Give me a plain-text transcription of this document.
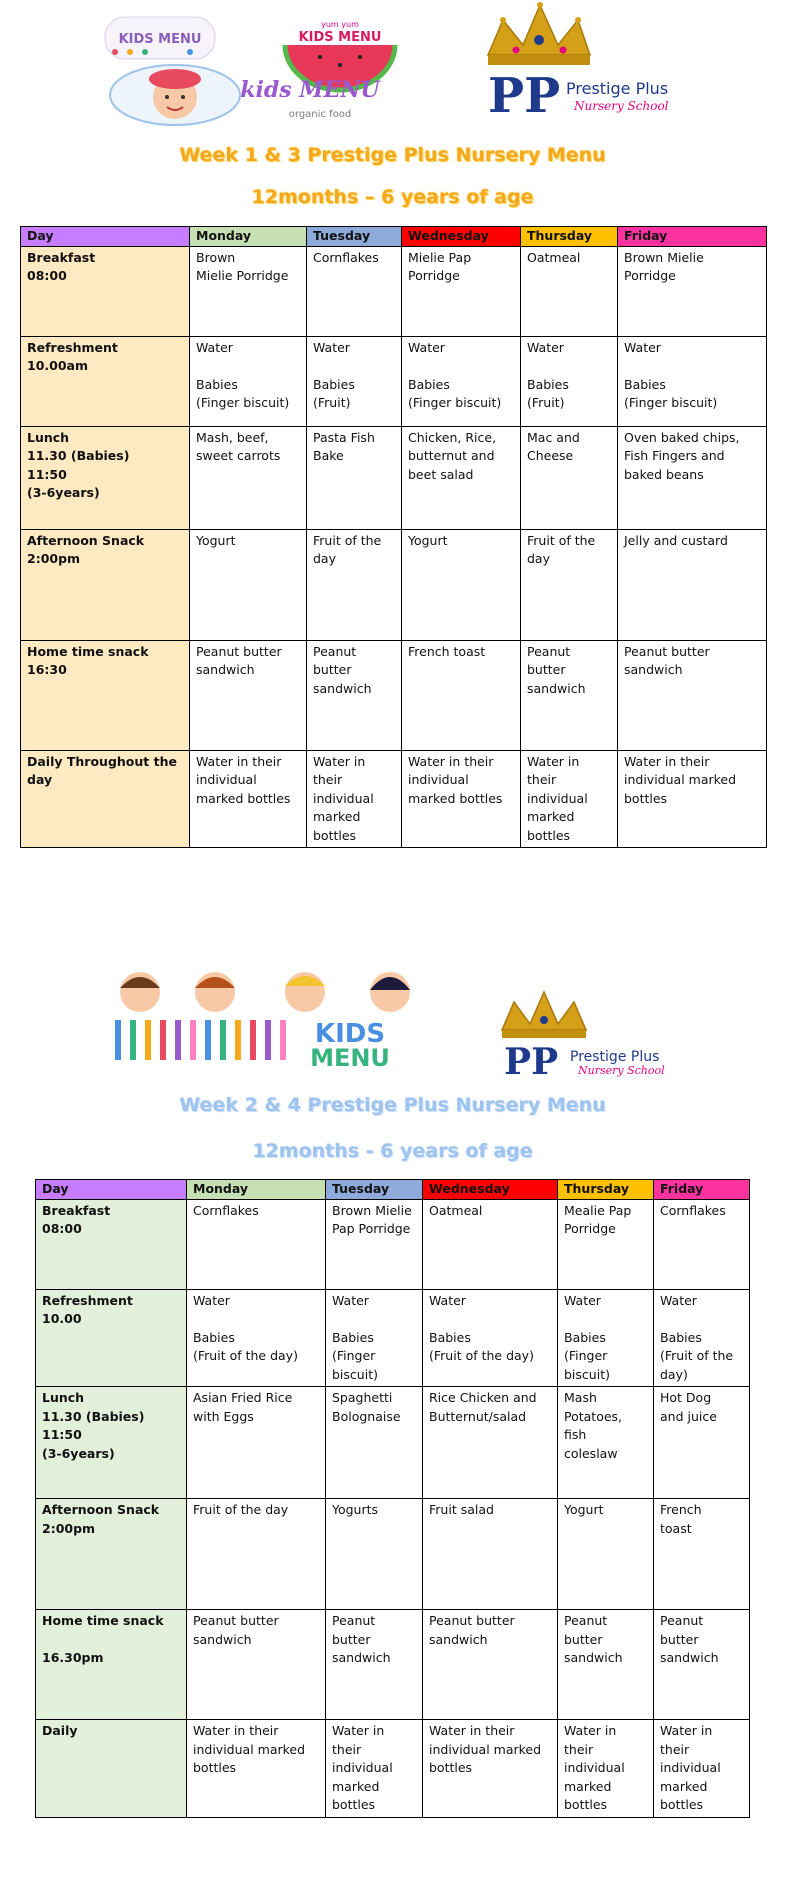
KIDS MENU
yum yum
KIDS MENU
kids MENU
organic food	PP Prestige Plus
Nursery School
Week 1 & 3 Prestige Plus Nursery Menu
12months – 6 years of age
Day	Monday	Tuesday	Wednesday	Thursday	Friday
Breakfast
08:00	Brown
Mielie Porridge	Cornflakes	Mielie Pap
Porridge	Oatmeal	Brown Mielie
Porridge
Refreshment
10.00am	Water

Babies
(Finger biscuit)	Water

Babies
(Fruit)	Water

Babies
(Finger biscuit)	Water

Babies
(Fruit)	Water

Babies
(Finger biscuit)
Lunch
11.30 (Babies)
11:50
(3-6years)	Mash, beef,
sweet carrots	Pasta Fish
Bake	Chicken, Rice,
butternut and
beet salad	Mac and
Cheese	Oven baked chips,
Fish Fingers and
baked beans
Afternoon Snack
2:00pm	Yogurt	Fruit of the
day	Yogurt	Fruit of the
day	Jelly and custard
Home time snack
16:30	Peanut butter
sandwich	Peanut
butter
sandwich	French toast	Peanut
butter
sandwich	Peanut butter
sandwich
Daily Throughout the
day	Water in their
individual
marked bottles	Water in
their
individual
marked
bottles	Water in their
individual
marked bottles	Water in
their
individual
marked
bottles	Water in their
individual marked
bottles
KIDS
MENU	PP Prestige Plus
Nursery School
Week 2 & 4 Prestige Plus Nursery Menu
12months - 6 years of age
Day	Monday	Tuesday	Wednesday	Thursday	Friday
Breakfast
08:00	Cornflakes	Brown Mielie
Pap Porridge	Oatmeal	Mealie Pap
Porridge	Cornflakes
Refreshment
10.00	Water

Babies
(Fruit of the day)	Water

Babies
(Finger
biscuit)	Water

Babies
(Fruit of the day)	Water

Babies
(Finger
biscuit)	Water

Babies
(Fruit of the
day)
Lunch
11.30 (Babies)
11:50
(3-6years)	Asian Fried Rice
with Eggs	Spaghetti
Bolognaise	Rice Chicken and
Butternut/salad	Mash
Potatoes,
fish
coleslaw	Hot Dog
and juice
Afternoon Snack
2:00pm	Fruit of the day	Yogurts	Fruit salad	Yogurt	French
toast
Home time snack

16.30pm	Peanut butter
sandwich	Peanut
butter
sandwich	Peanut butter
sandwich	Peanut
butter
sandwich	Peanut
butter
sandwich
Daily	Water in their
individual marked
bottles	Water in
their
individual
marked
bottles	Water in their
individual marked
bottles	Water in
their
individual
marked
bottles	Water in
their
individual
marked
bottles
